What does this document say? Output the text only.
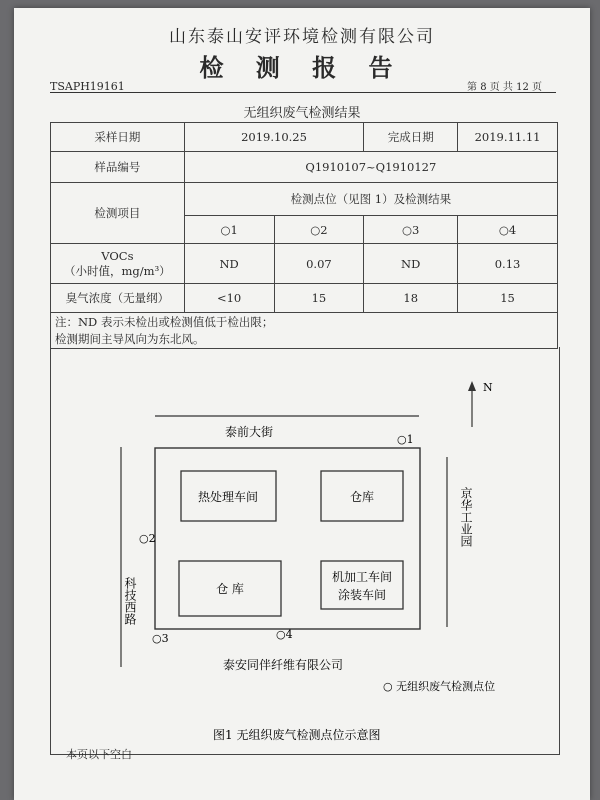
山东泰山安评环境检测有限公司
检 测 报 告
TSAPH19161	第 8 页 共 12 页
无组织废气检测结果
采样日期	2019.10.25		完成日期	2019.11.11
样品编号	Q1910107~Q1910127			
检测项目	检测点位（见图 1）及检测结果			
	○1	○2	○3	○4

VOCs
（小时值，mg/m³）	ND	0.07	ND	0.13
臭气浓度（无量纲）	<10	15	18	15

注：ND 表示未检出或检测值低于检出限；
检测期间主导风向为东北风。				
N
泰前大街
科技西路
京华工业园
热处理车间	仓库
仓 库
机加工车间
涂装车间
○1
○2
○3	○4
泰安同伴纤维有限公司
○ 无组织废气检测点位
图1 无组织废气检测点位示意图
本页以下空白
